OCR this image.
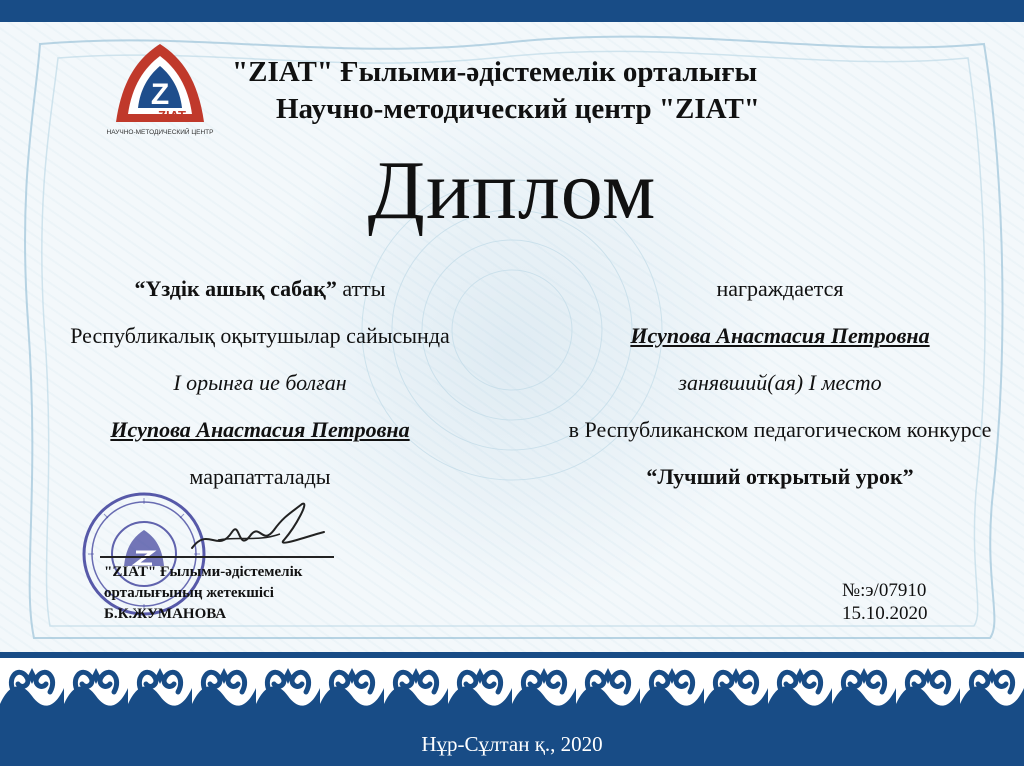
Z
ZIAT
НАУЧНО-МЕТОДИЧЕСКИЙ ЦЕНТР
"ZIAT" Ғылыми-әдістемелік орталығы
Научно-методический центр "ZIAT"
Диплом
“Үздік ашық сабақ” атты
Республикалық оқытушылар сайысында
І орынға ие болған
Исупова Анастасия Петровна
марапатталады
награждается
Исупова Анастасия Петровна
занявший(ая) I место
в Республиканском педагогическом конкурсе
“Лучший открытый урок”
"ZIAT" Ғылыми-әдістемелік
орталығының жетекшісі
Б.К.ЖУМАНОВА
№:э/07910
15.10.2020
Нұр-Сұлтан қ., 2020
